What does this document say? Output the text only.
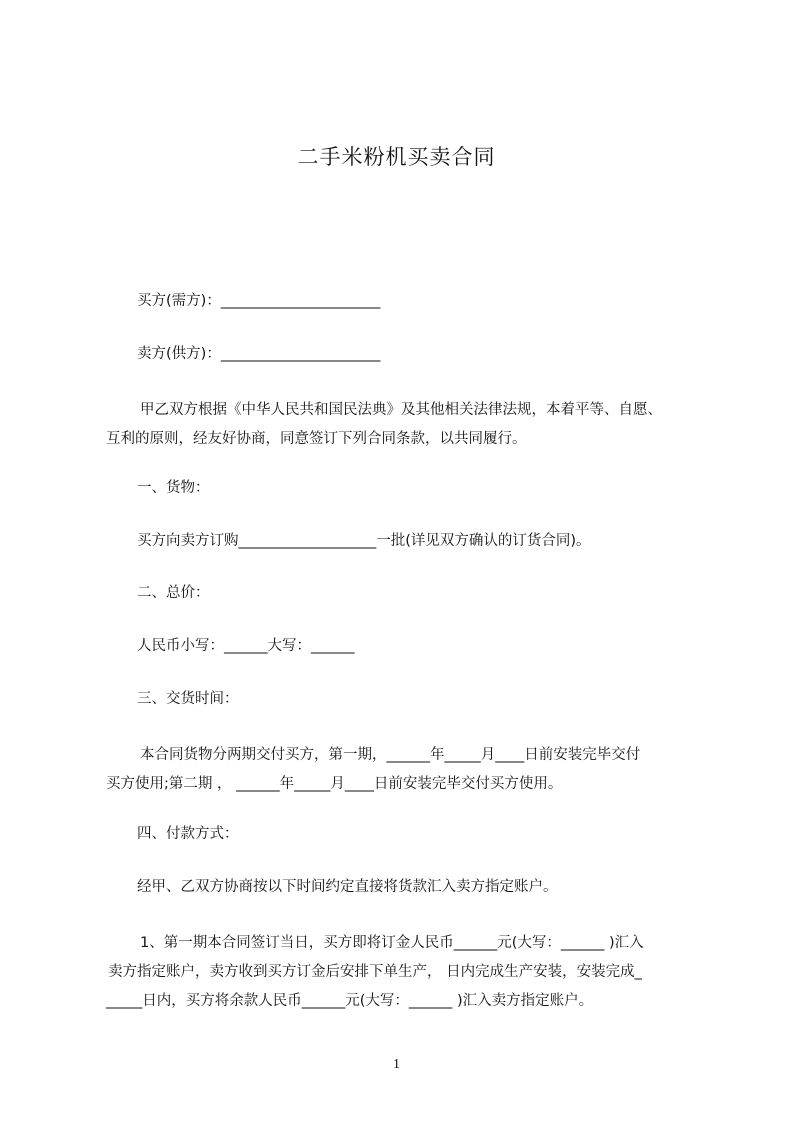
二手米粉机买卖合同
买方(需方)：______________________
卖方(供方)：______________________
甲乙双方根据《中华人民共和国民法典》及其他相关法律法规，本着平等、自愿、
互利的原则，经友好协商，同意签订下列合同条款，以共同履行。
一、货物：
买方向卖方订购___________________一批(详见双方确认的订货合同)。
二、总价：
人民币小写：______大写：______
三、交货时间：
本合同货物分两期交付买方，第一期，______年_____月____日前安装完毕交付
买方使用;第二期 ， ______年_____月____日前安装完毕交付买方使用。
四、付款方式：
经甲、乙双方协商按以下时间约定直接将货款汇入卖方指定账户。
1、第一期本合同签订当日，买方即将订金人民币______元(大写：______ )汇入
卖方指定账户，卖方收到买方订金后安排下单生产， 日内完成生产安装，安装完成_
_____日内，买方将余款人民币______元(大写：______ )汇入卖方指定账户。
1
